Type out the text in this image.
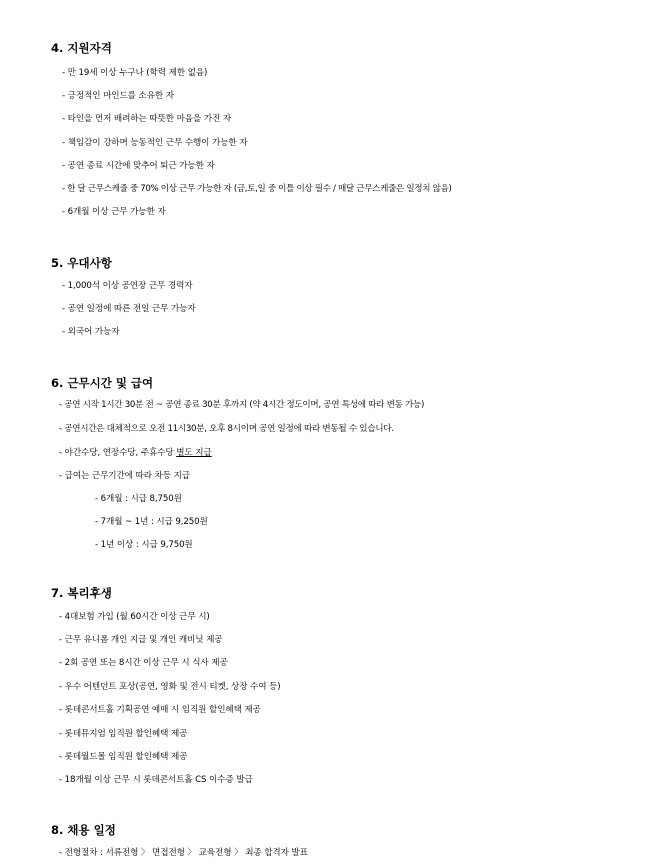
4. 지원자격
- 만 19세 이상 누구나 (학력 제한 없음)
- 긍정적인 마인드를 소유한 자
- 타인을 먼저 배려하는 따뜻한 마음을 가진 자
- 책임감이 강하며 능동적인 근무 수행이 가능한 자
- 공연 종료 시간에 맞추어 퇴근 가능한 자
- 한 달 근무스케줄 중 70% 이상 근무 가능한 자 (금,토,일 중 이틀 이상 필수 / 매달 근무스케줄은 일정치 않음)
- 6개월 이상 근무 가능한 자
5. 우대사항
- 1,000석 이상 공연장 근무 경력자
- 공연 일정에 따른 전일 근무 가능자
- 외국어 가능자
6. 근무시간 및 급여
- 공연 시작 1시간 30분 전 ~ 공연 종료 30분 후까지 (약 4시간 정도이며, 공연 특성에 따라 변동 가능)
- 공연시간은 대체적으로 오전 11시30분, 오후 8시이며 공연 일정에 따라 변동될 수 있습니다.
- 야간수당, 연장수당, 주휴수당 별도 지급
- 급여는 근무기간에 따라 차등 지급
- 6개월 : 시급 8,750원
- 7개월 ~ 1년 : 시급 9,250원
- 1년 이상 : 시급 9,750원
7. 복리후생
- 4대보험 가입 (월 60시간 이상 근무 시)
- 근무 유니폼 개인 지급 및 개인 캐비닛 제공
- 2회 공연 또는 8시간 이상 근무 시 식사 제공
- 우수 어텐던트 포상(공연, 영화 및 전시 티켓, 상장 수여 등)
- 롯데콘서트홀 기획공연 예매 시 임직원 할인혜택 제공
- 롯데뮤지엄 임직원 할인혜택 제공
- 롯데월드몰 임직원 할인혜택 제공
- 18개월 이상 근무 시 롯데콘서트홀 CS 이수증 발급
8. 채용 일정
- 전형절차 : 서류전형 〉 면접전형 〉 교육전형 〉 최종 합격자 발표
